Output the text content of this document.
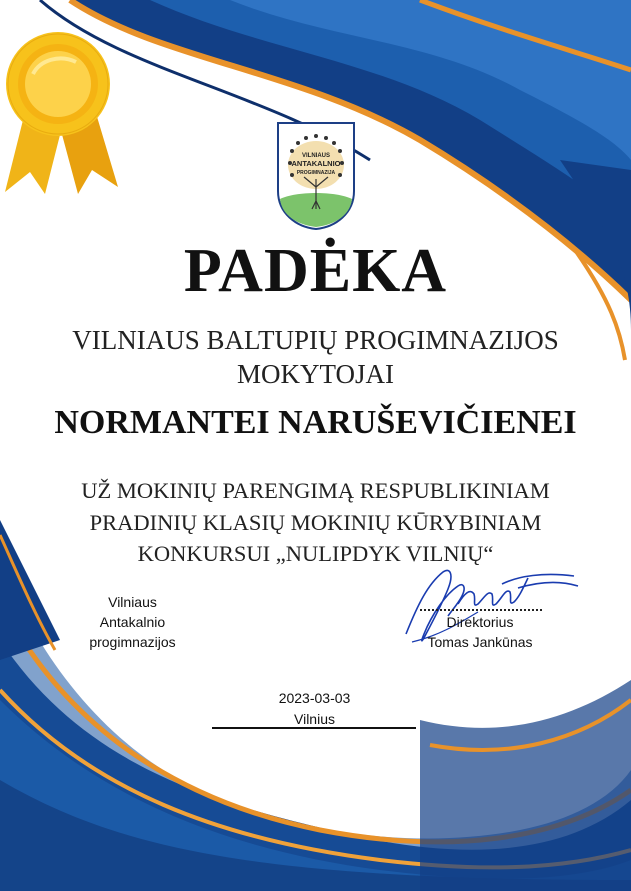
VILNIAUS
ANTAKALNIO
PROGIMNAZIJA
PADĖKA
VILNIAUS BALTUPIŲ PROGIMNAZIJOS
MOKYTOJAI
NORMANTEI NARUŠEVIČIENEI
UŽ MOKINIŲ PARENGIMĄ RESPUBLIKINIAM
PRADINIŲ KLASIŲ MOKINIŲ KŪRYBINIAM
KONKURSUI „NULIPDYK VILNIŲ“
Vilniaus
Antakalnio
progimnazijos
Direktorius
Tomas Jankūnas
2023-03-03
Vilnius
